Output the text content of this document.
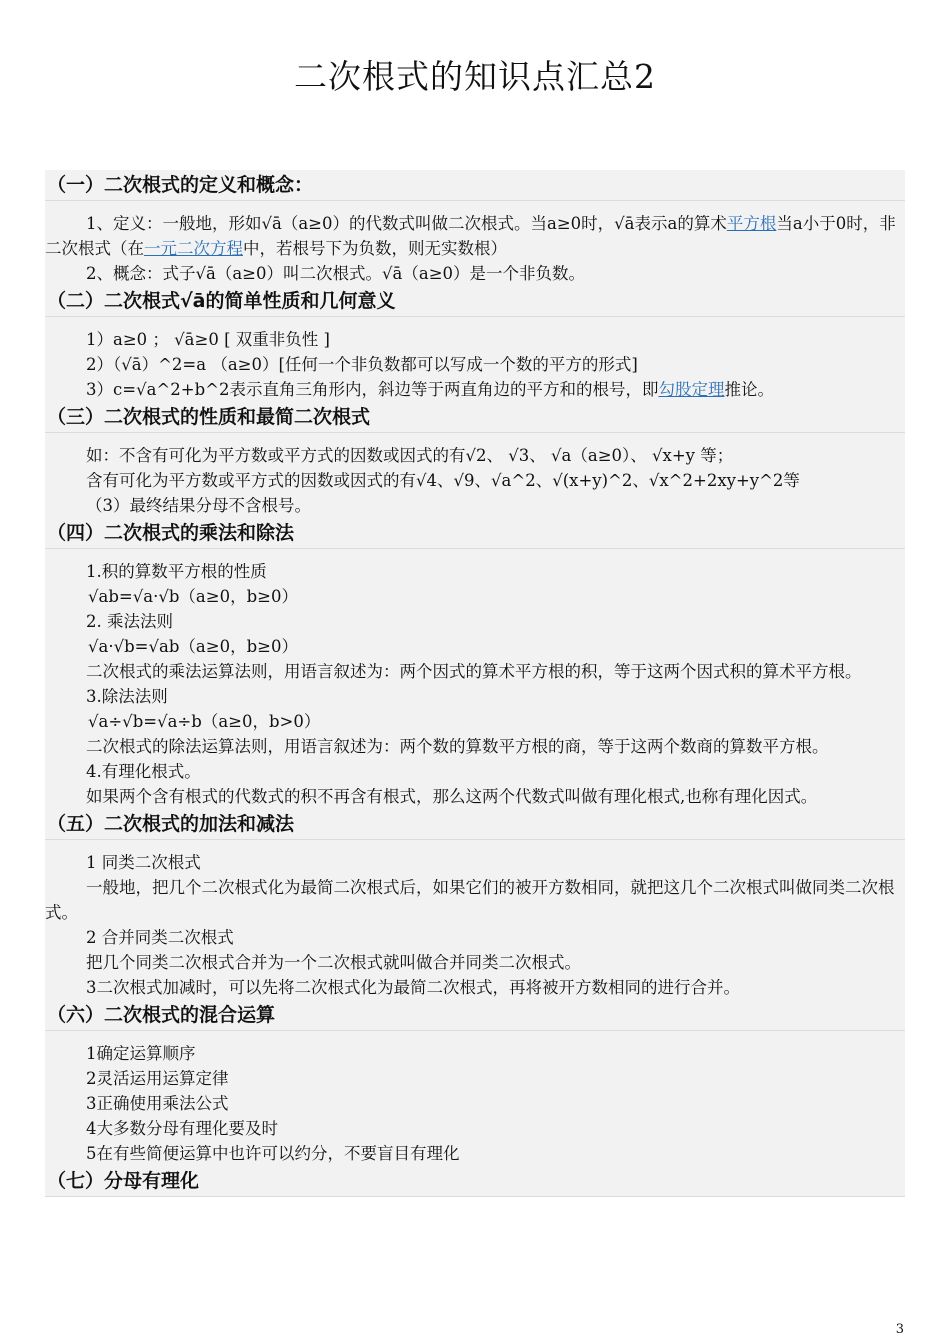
二次根式的知识点汇总2
（一）二次根式的定义和概念：
1、定义：一般地，形如√ā（a≥0）的代数式叫做二次根式。当a≥0时，√ā表示a的算术平方根当a小于0时，非二次根式（在一元二次方程中，若根号下为负数，则无实数根）
2、概念：式子√ā（a≥0）叫二次根式。√ā（a≥0）是一个非负数。
（二）二次根式√ā的简单性质和几何意义
1）a≥0 ； √ā≥0 [ 双重非负性 ]
2）（√ā）^2=a （a≥0）[任何一个非负数都可以写成一个数的平方的形式]
3）c=√a^2+b^2表示直角三角形内，斜边等于两直角边的平方和的根号，即勾股定理推论。
（三）二次根式的性质和最简二次根式
如：不含有可化为平方数或平方式的因数或因式的有√2、 √3、 √a（a≥0）、 √x+y 等；
含有可化为平方数或平方式的因数或因式的有√4、√9、√a^2、√(x+y)^2、√x^2+2xy+y^2等
（3）最终结果分母不含根号。
（四）二次根式的乘法和除法
1.积的算数平方根的性质
√ab=√a·√b（a≥0，b≥0）
2. 乘法法则
√a·√b=√ab（a≥0，b≥0）
二次根式的乘法运算法则，用语言叙述为：两个因式的算术平方根的积，等于这两个因式积的算术平方根。
3.除法法则
√a÷√b=√a÷b（a≥0，b>0）
二次根式的除法运算法则，用语言叙述为：两个数的算数平方根的商，等于这两个数商的算数平方根。
4.有理化根式。
如果两个含有根式的代数式的积不再含有根式，那么这两个代数式叫做有理化根式,也称有理化因式。
（五）二次根式的加法和减法
1 同类二次根式
一般地，把几个二次根式化为最简二次根式后，如果它们的被开方数相同，就把这几个二次根式叫做同类二次根式。
2 合并同类二次根式
把几个同类二次根式合并为一个二次根式就叫做合并同类二次根式。
3二次根式加减时，可以先将二次根式化为最简二次根式，再将被开方数相同的进行合并。
（六）二次根式的混合运算
1确定运算顺序
2灵活运用运算定律
3正确使用乘法公式
4大多数分母有理化要及时
5在有些简便运算中也许可以约分，不要盲目有理化
（七）分母有理化
3
